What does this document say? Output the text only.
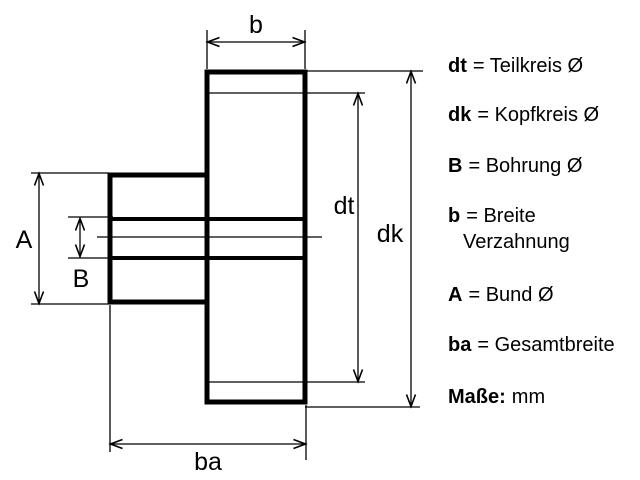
b
dt
dk
A
B
ba
dt = Teilkreis Ø
dk = Kopfkreis Ø
B = Bohrung Ø
b = Breite
Verzahnung
A = Bund Ø
ba = Gesamtbreite
Maße: mm
